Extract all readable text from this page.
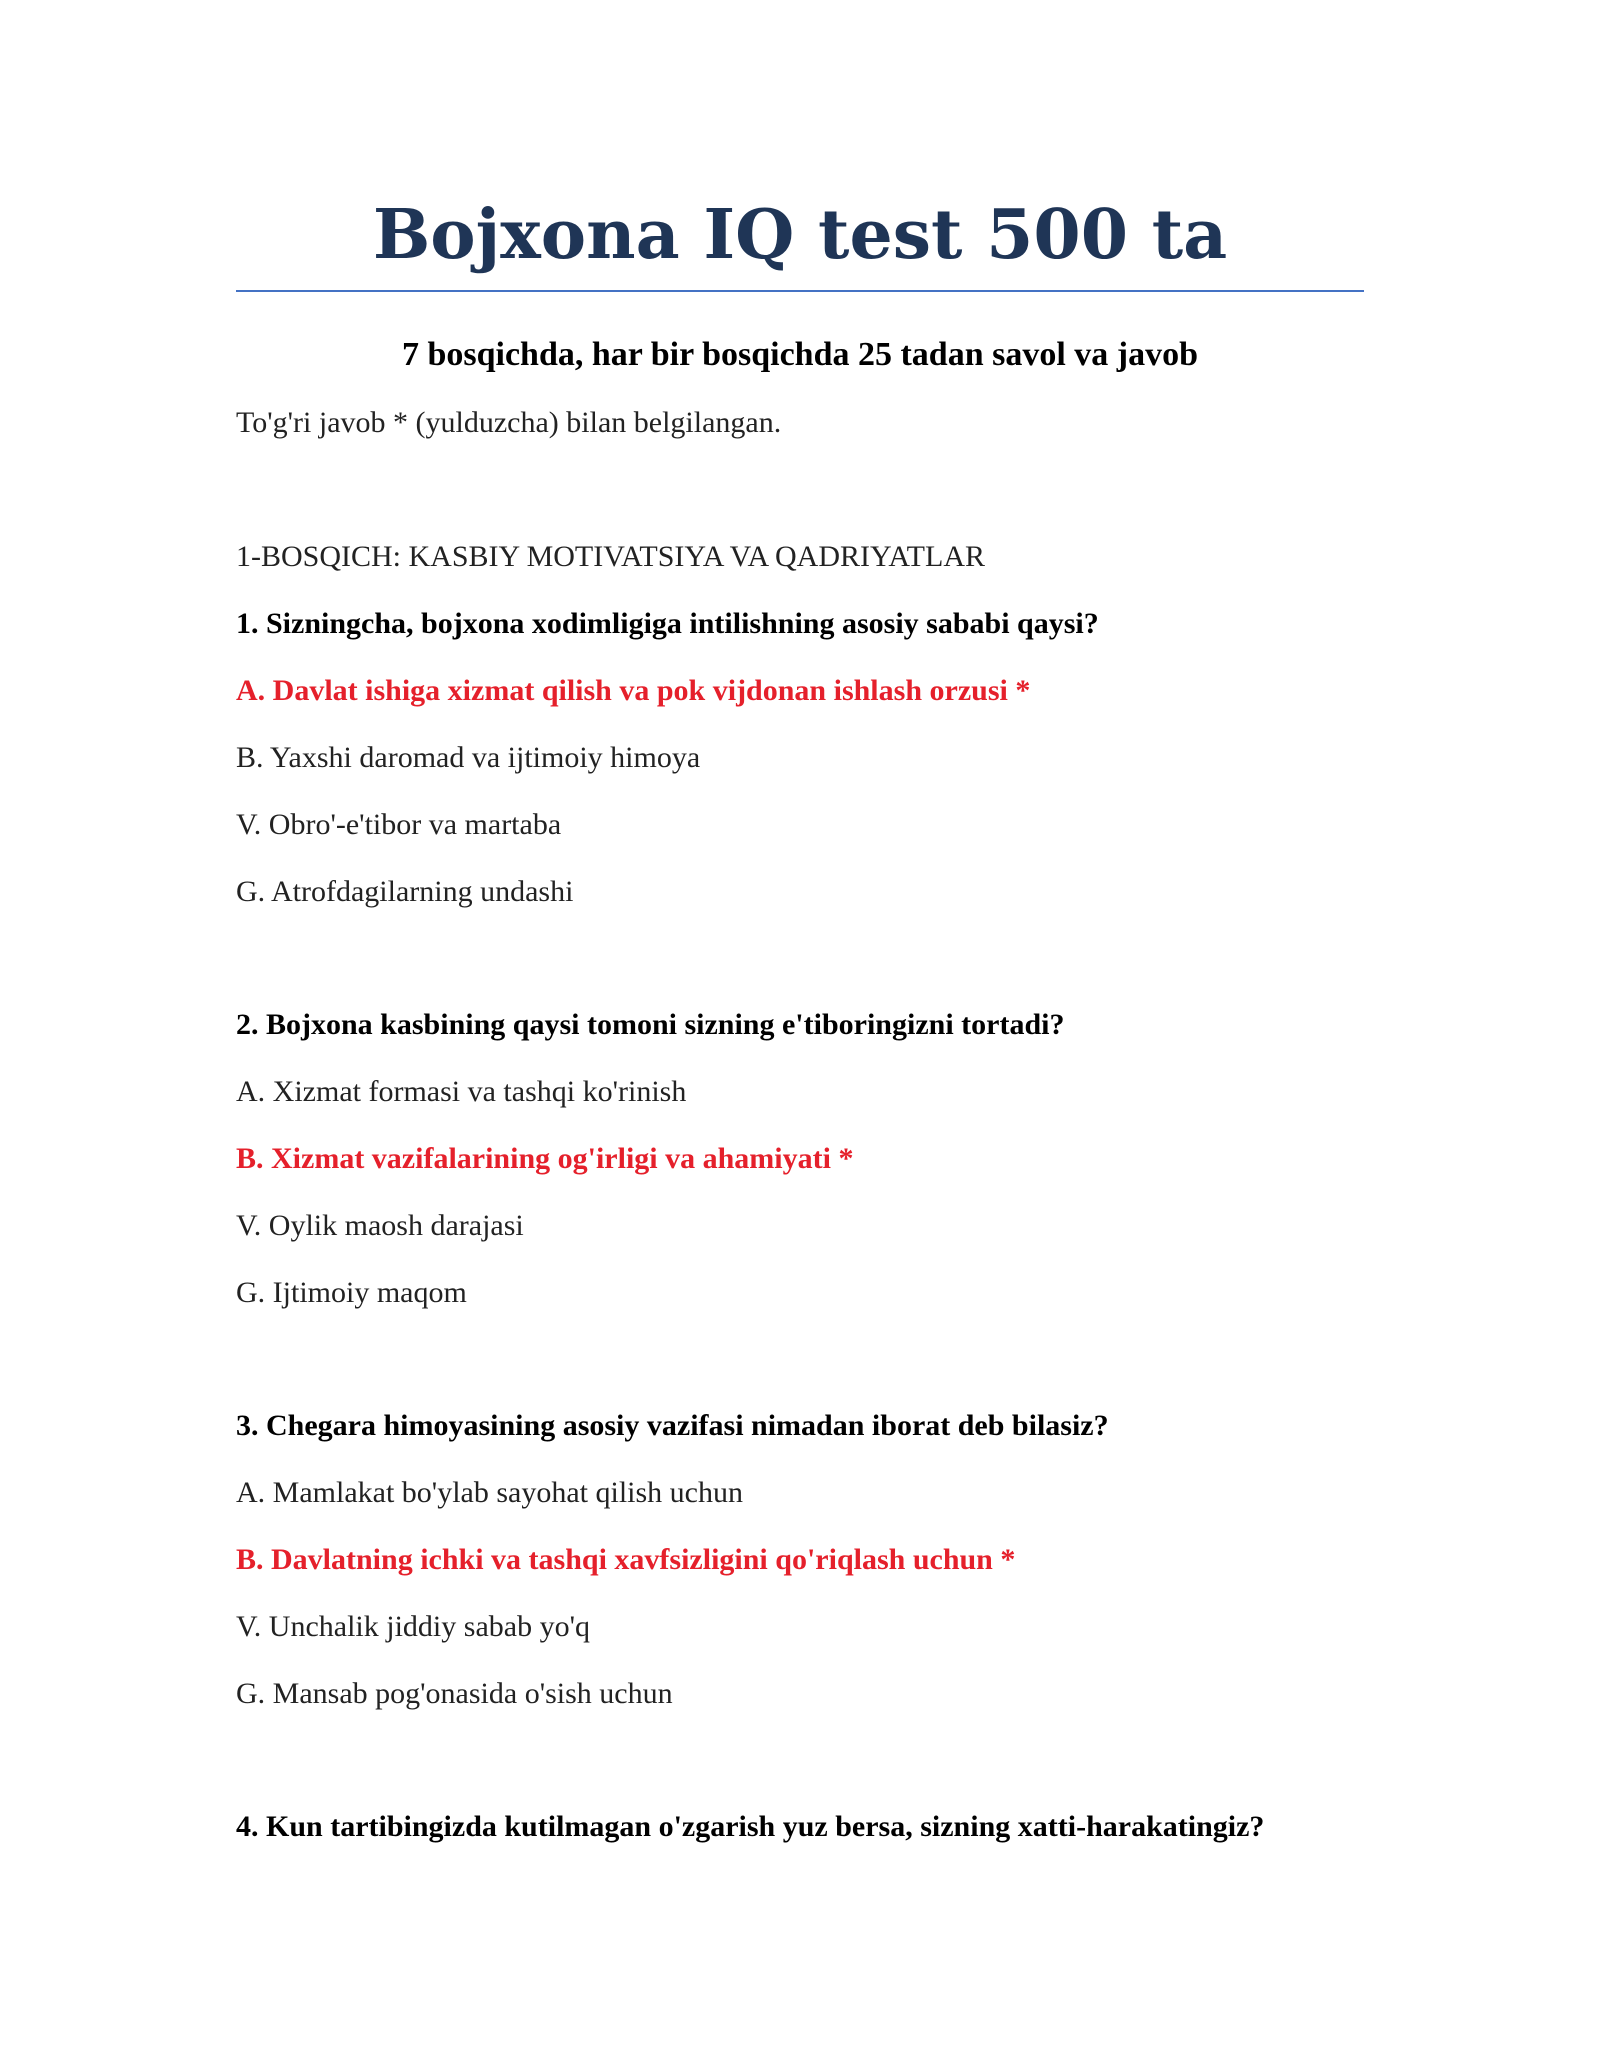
Bojxona IQ test 500 ta
7 bosqichda, har bir bosqichda 25 tadan savol va javob
To'g'ri javob * (yulduzcha) bilan belgilangan.
1-BOSQICH: KASBIY MOTIVATSIYA VA QADRIYATLAR
1. Sizningcha, bojxona xodimligiga intilishning asosiy sababi qaysi?
A. Davlat ishiga xizmat qilish va pok vijdonan ishlash orzusi *
B. Yaxshi daromad va ijtimoiy himoya
V. Obro'-e'tibor va martaba
G. Atrofdagilarning undashi
2. Bojxona kasbining qaysi tomoni sizning e'tiboringizni tortadi?
A. Xizmat formasi va tashqi ko'rinish
B. Xizmat vazifalarining og'irligi va ahamiyati *
V. Oylik maosh darajasi
G. Ijtimoiy maqom
3. Chegara himoyasining asosiy vazifasi nimadan iborat deb bilasiz?
A. Mamlakat bo'ylab sayohat qilish uchun
B. Davlatning ichki va tashqi xavfsizligini qo'riqlash uchun *
V. Unchalik jiddiy sabab yo'q
G. Mansab pog'onasida o'sish uchun
4. Kun tartibingizda kutilmagan o'zgarish yuz bersa, sizning xatti-harakatingiz?
